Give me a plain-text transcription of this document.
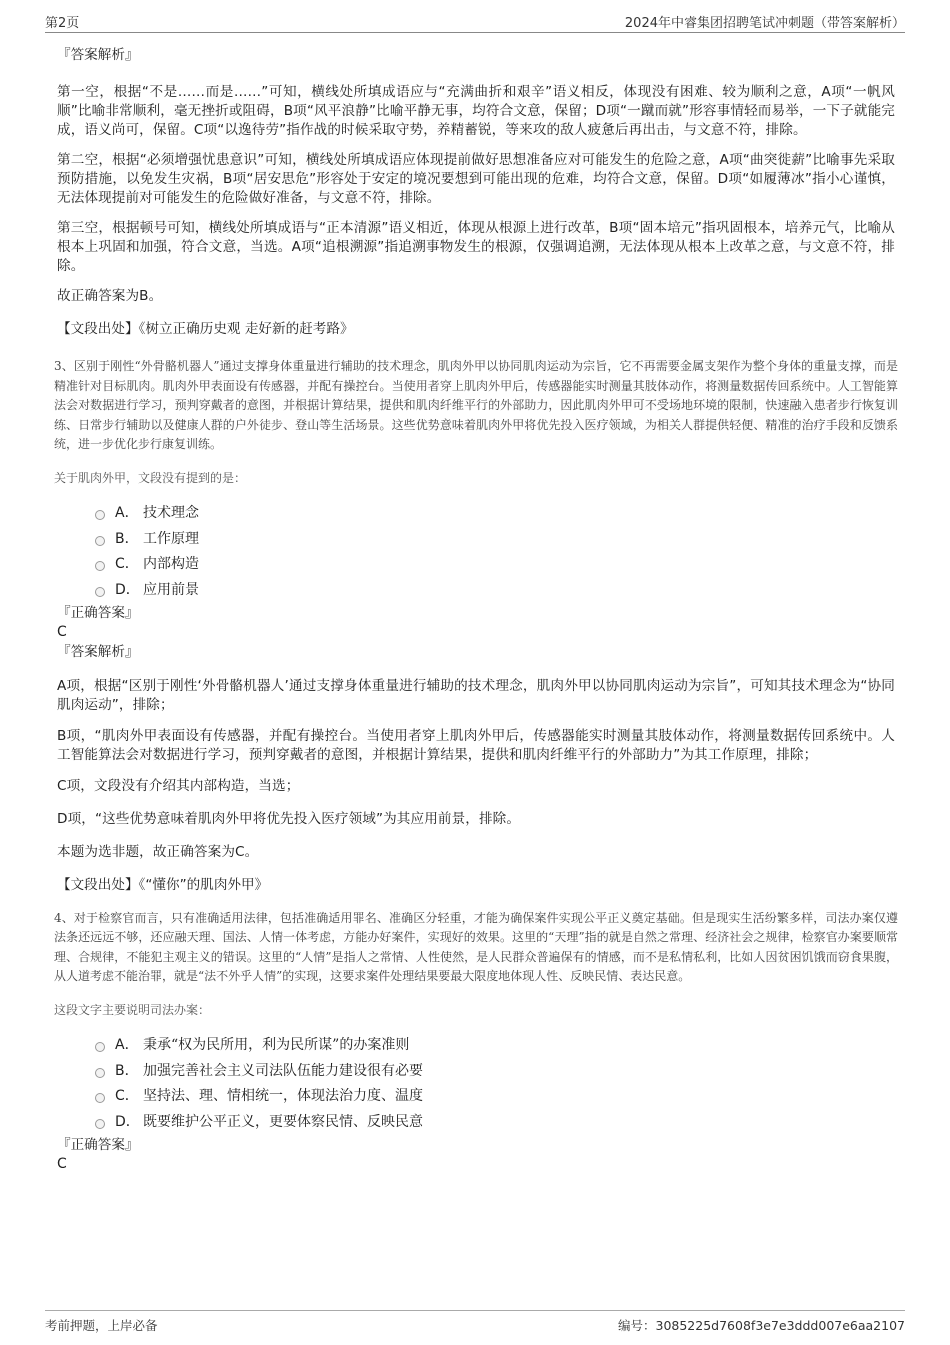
第2页	2024年中睿集团招聘笔试冲刺题（带答案解析）

『答案解析』

第一空，根据“不是……而是……”可知，横线处所填成语应与“充满曲折和艰辛”语义相反，体现没有困难、较为顺利之意，A项“一帆风顺”比喻非常顺利，毫无挫折或阻碍，B项“风平浪静”比喻平静无事，均符合文意，保留；D项“一蹴而就”形容事情轻而易举，一下子就能完成，语义尚可，保留。C项“以逸待劳”指作战的时候采取守势，养精蓄锐，等来攻的敌人疲惫后再出击，与文意不符，排除。

第二空，根据“必须增强忧患意识”可知，横线处所填成语应体现提前做好思想准备应对可能发生的危险之意，A项“曲突徙薪”比喻事先采取预防措施，以免发生灾祸，B项“居安思危”形容处于安定的境况要想到可能出现的危难，均符合文意，保留。D项“如履薄冰”指小心谨慎，无法体现提前对可能发生的危险做好准备，与文意不符，排除。

第三空，根据顿号可知，横线处所填成语与“正本清源”语义相近，体现从根源上进行改革，B项“固本培元”指巩固根本，培养元气，比喻从根本上巩固和加强，符合文意，当选。A项“追根溯源”指追溯事物发生的根源，仅强调追溯，无法体现从根本上改革之意，与文意不符，排除。

故正确答案为B。

【文段出处】《树立正确历史观 走好新的赶考路》

3、区别于刚性“外骨骼机器人”通过支撑身体重量进行辅助的技术理念，肌肉外甲以协同肌肉运动为宗旨，它不再需要金属支架作为整个身体的重量支撑，而是精准针对目标肌肉。肌肉外甲表面设有传感器，并配有操控台。当使用者穿上肌肉外甲后，传感器能实时测量其肢体动作，将测量数据传回系统中。人工智能算法会对数据进行学习，预判穿戴者的意图，并根据计算结果，提供和肌肉纤维平行的外部助力，因此肌肉外甲可不受场地环境的限制，快速融入患者步行恢复训练、日常步行辅助以及健康人群的户外徒步、登山等生活场景。这些优势意味着肌肉外甲将优先投入医疗领域，为相关人群提供轻便、精准的治疗手段和反馈系统，进一步优化步行康复训练。

关于肌肉外甲，文段没有提到的是：

A． 技术理念
B． 工作原理
C． 内部构造
D． 应用前景

『正确答案』

C

『答案解析』

A项，根据“区别于刚性‘外骨骼机器人’通过支撑身体重量进行辅助的技术理念，肌肉外甲以协同肌肉运动为宗旨”，可知其技术理念为“协同肌肉运动”，排除；

B项，“肌肉外甲表面设有传感器，并配有操控台。当使用者穿上肌肉外甲后，传感器能实时测量其肢体动作，将测量数据传回系统中。人工智能算法会对数据进行学习，预判穿戴者的意图，并根据计算结果，提供和肌肉纤维平行的外部助力”为其工作原理，排除；

C项，文段没有介绍其内部构造，当选；

D项，“这些优势意味着肌肉外甲将优先投入医疗领域”为其应用前景，排除。

本题为选非题，故正确答案为C。

【文段出处】《“懂你”的肌肉外甲》

4、对于检察官而言，只有准确适用法律，包括准确适用罪名、准确区分轻重，才能为确保案件实现公平正义奠定基础。但是现实生活纷繁多样，司法办案仅遵法条还远远不够，还应融天理、国法、人情一体考虑，方能办好案件，实现好的效果。这里的“天理”指的就是自然之常理、经济社会之规律，检察官办案要顺常理、合规律，不能犯主观主义的错误。这里的“人情”是指人之常情、人性使然，是人民群众普遍保有的情感，而不是私情私利，比如人因贫困饥饿而窃食果腹，从人道考虑不能治罪，就是“法不外乎人情”的实现，这要求案件处理结果要最大限度地体现人性、反映民情、表达民意。

这段文字主要说明司法办案：

A． 秉承“权为民所用，利为民所谋”的办案准则
B． 加强完善社会主义司法队伍能力建设很有必要
C． 坚持法、理、情相统一，体现法治力度、温度
D． 既要维护公平正义，更要体察民情、反映民意

『正确答案』

C

考前押题，上岸必备	编号：3085225d7608f3e7e3ddd007e6aa2107
